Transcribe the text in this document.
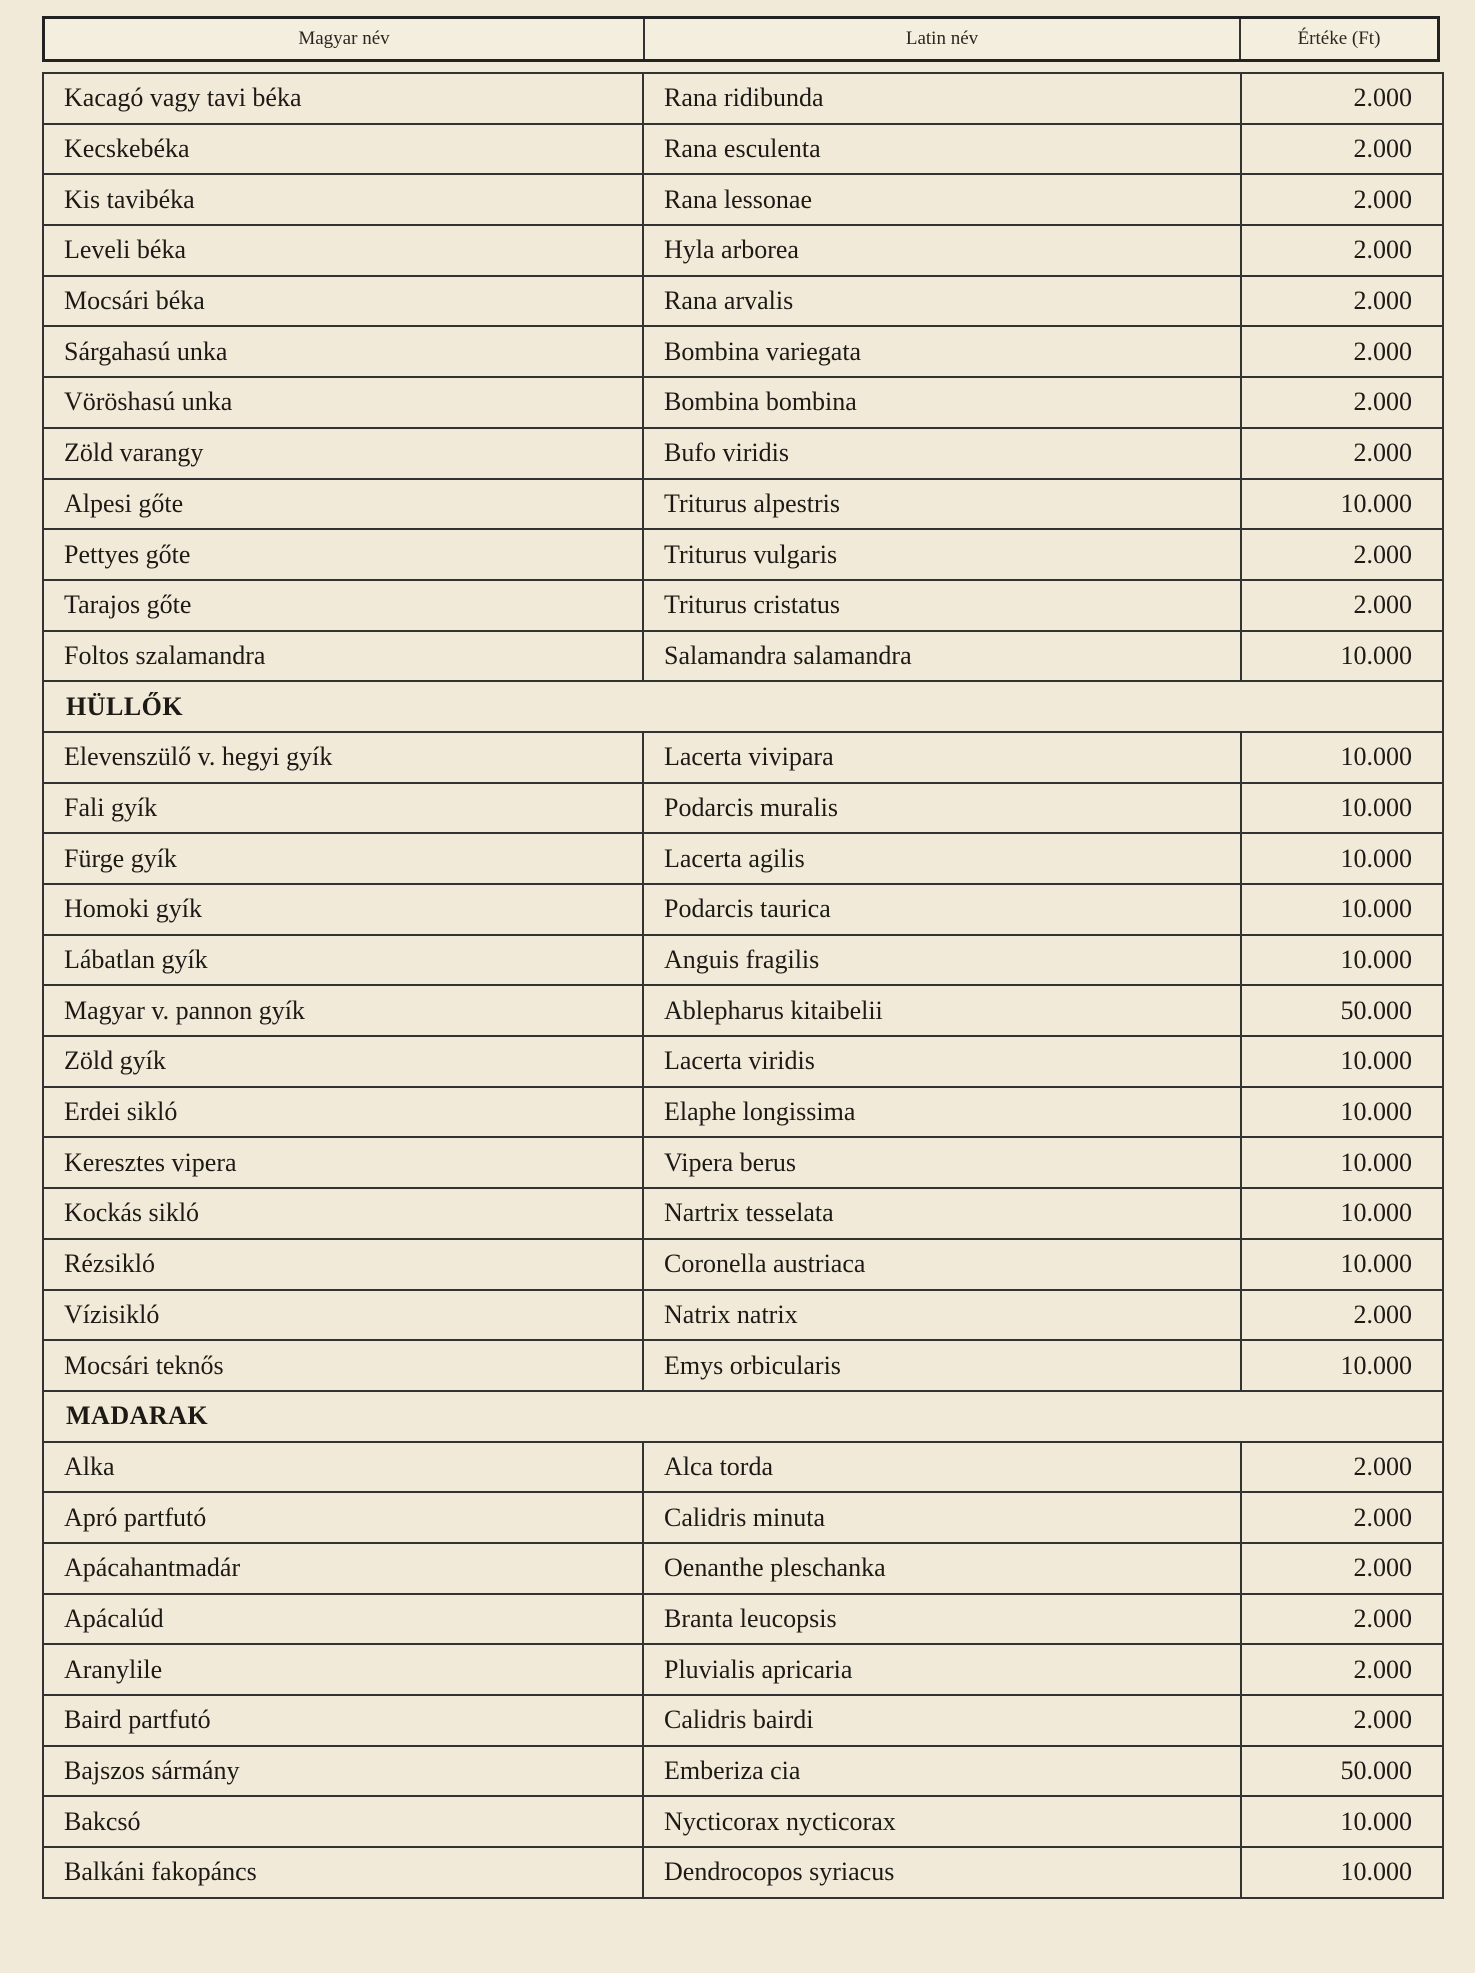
Magyar név	Latin név	Értéke (Ft)
Kacagó vagy tavi béka	Rana ridibunda	2.000
Kecskebéka	Rana esculenta	2.000
Kis tavibéka	Rana lessonae	2.000
Leveli béka	Hyla arborea	2.000
Mocsári béka	Rana arvalis	2.000
Sárgahasú unka	Bombina variegata	2.000
Vöröshasú unka	Bombina bombina	2.000
Zöld varangy	Bufo viridis	2.000
Alpesi gőte	Triturus alpestris	10.000
Pettyes gőte	Triturus vulgaris	2.000
Tarajos gőte	Triturus cristatus	2.000
Foltos szalamandra	Salamandra salamandra	10.000
HÜLLŐK
Elevenszülő v. hegyi gyík	Lacerta vivipara	10.000
Fali gyík	Podarcis muralis	10.000
Fürge gyík	Lacerta agilis	10.000
Homoki gyík	Podarcis taurica	10.000
Lábatlan gyík	Anguis fragilis	10.000
Magyar v. pannon gyík	Ablepharus kitaibelii	50.000
Zöld gyík	Lacerta viridis	10.000
Erdei sikló	Elaphe longissima	10.000
Keresztes vipera	Vipera berus	10.000
Kockás sikló	Nartrix tesselata	10.000
Rézsikló	Coronella austriaca	10.000
Vízisikló	Natrix natrix	2.000
Mocsári teknős	Emys orbicularis	10.000
MADARAK
Alka	Alca torda	2.000
Apró partfutó	Calidris minuta	2.000
Apácahantmadár	Oenanthe pleschanka	2.000
Apácalúd	Branta leucopsis	2.000
Aranylile	Pluvialis apricaria	2.000
Baird partfutó	Calidris bairdi	2.000
Bajszos sármány	Emberiza cia	50.000
Bakcsó	Nycticorax nycticorax	10.000
Balkáni fakopáncs	Dendrocopos syriacus	10.000
